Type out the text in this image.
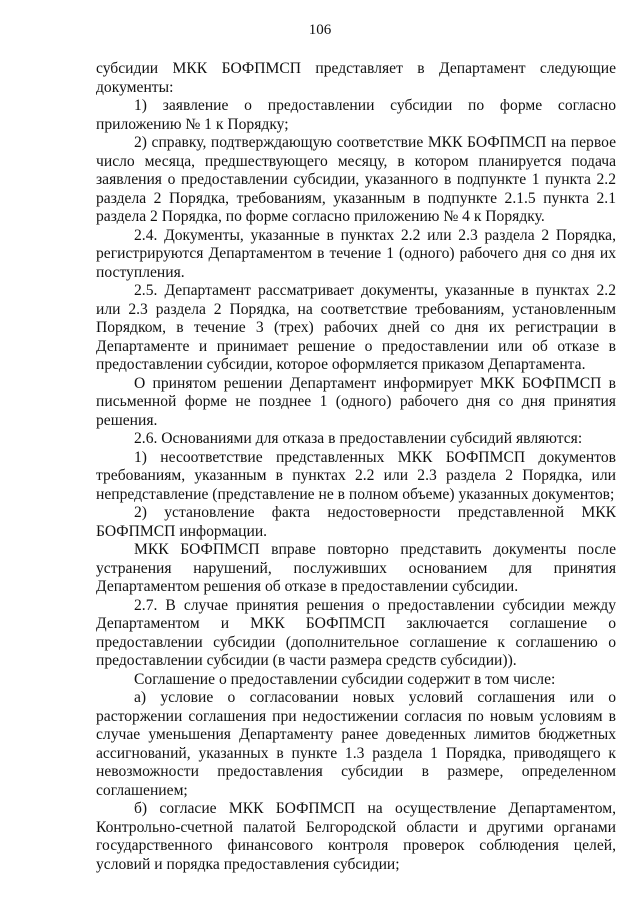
106

субсидии МКК БОФПМСП представляет в Департамент следующие документы:

1) заявление о предоставлении субсидии по форме согласно приложению № 1 к Порядку;

2) справку, подтверждающую соответствие МКК БОФПМСП на первое число месяца, предшествующего месяцу, в котором планируется подача заявления о предоставлении субсидии, указанного в подпункте 1 пункта 2.2 раздела 2 Порядка, требованиям, указанным в подпункте 2.1.5 пункта 2.1 раздела 2 Порядка, по форме согласно приложению № 4 к Порядку.

2.4. Документы, указанные в пунктах 2.2 или 2.3 раздела 2 Порядка, регистрируются Департаментом в течение 1 (одного) рабочего дня со дня их поступления.

2.5. Департамент рассматривает документы, указанные в пунктах 2.2 или 2.3 раздела 2 Порядка, на соответствие требованиям, установленным Порядком, в течение 3 (трех) рабочих дней со дня их регистрации в Департаменте и принимает решение о предоставлении или об отказе в предоставлении субсидии, которое оформляется приказом Департамента.

О принятом решении Департамент информирует МКК БОФПМСП в письменной форме не позднее 1 (одного) рабочего дня со дня принятия решения.

2.6. Основаниями для отказа в предоставлении субсидий являются:

1) несоответствие представленных МКК БОФПМСП документов требованиям, указанным в пунктах 2.2 или 2.3 раздела 2 Порядка, или непредставление (представление не в полном объеме) указанных документов;

2) установление факта недостоверности представленной МКК БОФПМСП информации.

МКК БОФПМСП вправе повторно представить документы после устранения нарушений, послуживших основанием для принятия Департаментом решения об отказе в предоставлении субсидии.

2.7. В случае принятия решения о предоставлении субсидии между Департаментом и МКК БОФПМСП заключается соглашение о предоставлении субсидии (дополнительное соглашение к соглашению о предоставлении субсидии (в части размера средств субсидии)).

Соглашение о предоставлении субсидии содержит в том числе:

а) условие о согласовании новых условий соглашения или о расторжении соглашения при недостижении согласия по новым условиям в случае уменьшения Департаменту ранее доведенных лимитов бюджетных ассигнований, указанных в пункте 1.3 раздела 1 Порядка, приводящего к невозможности предоставления субсидии в размере, определенном соглашением;

б) согласие МКК БОФПМСП на осуществление Департаментом, Контрольно-счетной палатой Белгородской области и другими органами государственного финансового контроля проверок соблюдения целей, условий и порядка предоставления субсидии;
